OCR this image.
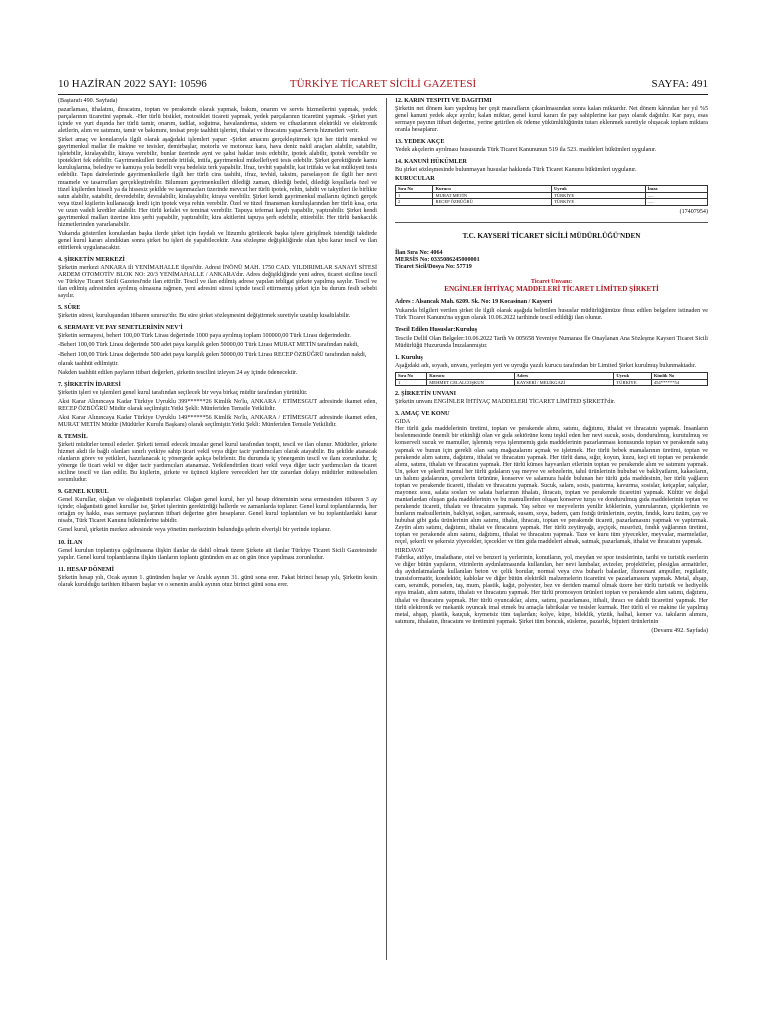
10 HAZİRAN 2022 SAYI: 10596	TÜRKİYE TİCARET SİCİLİ GAZETESİ	SAYFA: 491

(Baştarafı 490. Sayfada)

pazarlaması, ithalatını, ihracatını, toptan ve perakende olarak yapmak, bakım, onarım ve servis hizmetlerini yapmak, yedek parçalarının ticaretini yapmak. -Her türlü bisiklet, motosiklet ticareti yapmak, yedek parçalarının ticaretini yapmak. -Şirket yurt içinde ve yurt dışında her türlü tamir, onarım, tadilat, soğutma, havalandırma, sistem ve cihazlarının elektrikli ve elektronik aletlerin, alım ve satımını, tamir ve bakımını, tesisat proje taahhüt işlerini, ithalat ve ihracatını yapar.Servis hizmetleri verir.

Şirket amaç ve konularıyla ilgili olarak aşağıdaki işlemleri yapar: -Şirket amacını gerçekleştirmek için her türlü menkul ve gayrimenkul mallar ile makine ve tesisler, demirbaşlar, motorlu ve motorsuz kara, hava deniz nakil araçları alabilir, satabilir, işletebilir, kiralayabilir, kiraya verebilir, bunlar üzerinde ayni ve şahsi haklar tesis edebilir, ipotek alabilir, ipotek verebilir ve ipotekleri fek edebilir. Gayrimenkulleri üzerinde irtifak, intifa, gayrimenkul mükellefiyeti tesis edebilir. Şirket gerektiğinde kamu kuruluşlarına, belediye ve kamuya yola bedelli veya bedelsiz terk yapabilir. İfraz, tevhit yapabilir, kat irtifakı ve kat mülkiyeti tesis edebilir. Tapu dairelerinde gayrimenkullerle ilgili her türlü cins tashihi, ifraz, tevhid, taksim, parselasyon ile ilgili her nevi muamele ve tasarrufları gerçekleştirebilir. Bilumum gayrimenkulleri dilediği zaman, dilediği bedel, dilediği koşullarla özel ve tüzel kişilerden hisseli ya da hissesiz şekilde ve taşınmazları üzerinde mevcut her türlü ipotek, rehin, tahdit ve takyitleri ile birlikte satın alabilir, satabilir, devredebilir, devralabilir, kiralayabilir, kiraya verebilir. Şirket kendi gayrimenkul mallarını üçüncü gerçek veya tüzel kişilerin kullanacağı kredi için ipotek veya rehin verebilir. Özel ve tüzel finansman kuruluşlarından her türlü kısa, orta ve uzun vadeli krediler alabilir. Her türlü kefalet ve teminat verebilir. Tapuya tefernat kaydı yapabilir, yaptırabilir. Şirket kendi gayrimenkul malları üzerine kira şerhi yapabilir, yaptırabilir, kira akitlerini tapuya şerh edebilir, ettirebilir. Her türlü bankacılık hizmetlerinden yararlanabilir.

Yukarıda gösterilen konulardan başka ilerde şirket için faydalı ve lüzumlu görülecek başka işlere girişilmek istendiği takdirde genel kurul kararı alındıktan sonra şirket bu işleri de yapabilecektir. Ana sözleşme değişikliğinde olan işbu karar tescil ve ilan ettirilerek uygulanacaktır.

4. ŞİRKETİN MERKEZİ

Şirketin merkezi ANKARA ili YENİMAHALLE ilçesi'dir. Adresi İNÖNÜ MAH. 1750 CAD. YILDIRIMLAR SANAYİ SİTESİ ARDEM OTOMOTİV BLOK NO: 20/3 YENİMAHALLE / ANKARA'dır. Adres değişikliğinde yeni adres, ticaret siciline tescil ve Türkiye Ticaret Sicili Gazetesi'nde ilan ettirilir. Tescil ve ilan edilmiş adrese yapılan tebligat şirkete yapılmış sayılır. Tescil ve ilan edilmiş adresinden ayrılmış olmasına rağmen, yeni adresini süresi içinde tescil ettirmemiş şirket için bu durum fesih sebebi sayılır.

5. SÜRE

Şirketin süresi, kuruluşundan itibaren sınırsız'dır. Bu süre şirket sözleşmesini değiştirmek suretiyle uzatılıp kısaltılabilir.

6. SERMAYE VE PAY SENETLERİNİN NEV'İ

Şirketin sermayesi, beheri 100,00 Türk Lirası değerinde 1000 paya ayrılmış toplam 100000,00 Türk Lirası değerindedir.

-Beheri 100,00 Türk Lirası değerinde 500 adet paya karşılık gelen 50000,00 Türk Lirası MURAT METİN tarafından nakdi,

-Beheri 100,00 Türk Lirası değerinde 500 adet paya karşılık gelen 50000,00 Türk Lirası RECEP ÖZBÜĞRÜ tarafından nakdi,

olarak taahhüt edilmiştir.

Nakden taahhüt edilen payların itibari değerleri, şirketin tescilini izleyen 24 ay içinde ödenecektir.

7. ŞİRKETİN İDARESİ

Şirketin işleri ve işlemleri genel kurul tarafından seçilecek bir veya birkaç müdür tarafından yürütülür.

Aksi Karar Alınıncaya Kadar Türkiye Uyruklu 399******26 Kimlik No'lu, ANKARA / ETİMESGUT adresinde ikamet eden, RECEP ÖZBÜĞRÜ Müdür olarak seçilmiştir.Yetki Şekli: Münferiden Temsile Yetkilidir.

Aksi Karar Alınıncaya Kadar Türkiye Uyruklu 149******56 Kimlik No'lu, ANKARA / ETİMESGUT adresinde ikamet eden, MURAT METİN Müdür (Müdürler Kurulu Başkanı) olarak seçilmiştir.Yetki Şekli: Münferiden Temsile Yetkilidir.

8. TEMSİL

Şirketi müdürler temsil ederler. Şirketi temsil edecek imzalar genel kurul tarafından tespit, tescil ve ilan olunur. Müdürler, şirkete hizmet akdi ile bağlı olanları sınırlı yetkiye sahip ticari vekil veya diğer tacir yardımcıları olarak atayabilir. Bu şekilde atanacak olanların görev ve yetkileri, hazırlanacak iç yönergede açıkça belirlenir. Bu durumda iç yönergenin tescil ve ilanı zorunludur. İç yönerge ile ticari vekil ve diğer tacir yardımcıları atanamaz. Yetkilendirilen ticari vekil veya diğer tacir yardımcıları da ticaret siciline tescil ve ilan edilir. Bu kişilerin, şirkete ve üçüncü kişilere verecekleri her tür zarardan dolayı müdürler müteselsilen sorumludur.

9. GENEL KURUL

Genel Kurullar, olağan ve olağanüstü toplanırlar. Olağan genel kurul, her yıl hesap döneminin sona ermesinden itibaren 3 ay içinde; olağanüstü genel kurullar ise, Şirket işlerinin gerektirdiği hallerde ve zamanlarda toplanır. Genel kurul toplantılarında, her ortağın oy hakkı, esas sermaye paylarının itibari değerine göre hesaplanır. Genel kurul toplantıları ve bu toplantılardaki karar nisabı, Türk Ticaret Kanunu hükümlerine tabidir.

Genel kurul, şirketin merkez adresinde veya yönetim merkezinin bulunduğu şehrin elverişli bir yerinde toplanır.

10. İLAN

Genel kurulun toplantıya çağrılmasına ilişkin ilanlar da dahil olmak üzere Şirkete ait ilanlar Türkiye Ticaret Sicili Gazetesinde yapılır. Genel kurul toplantılarına ilişkin ilanların toplantı gününden en az on gün önce yapılması zorunludur.

11. HESAP DÖNEMİ

Şirketin hesap yılı, Ocak ayının 1. gününden başlar ve Aralık ayının 31. günü sona erer. Fakat birinci hesap yılı, Şirketin kesin olarak kurulduğu tarihten itibaren başlar ve o senenin aralık ayının otuz birinci günü sona erer.

12. KARIN TESPİTİ VE DAĞITIMI

Şirketin net dönem karı yapılmış her çeşit masrafların çıkarılmasından sonra kalan miktardır. Net dönem kârından her yıl %5 genel kanuni yedek akçe ayrılır, kalan miktar, genel kurul kararı ile pay sahiplerine kar payı olarak dağıtılır. Kar payı, esas sermaye payının itibari değerine, yerine getirilen ek ödeme yükümlülüğünün tutarı eklenmek suretiyle oluşacak toplam miktara oranla hesaplanır.

13. YEDEK AKÇE

Yedek akçelerin ayrılması hususunda Türk Ticaret Kanununun 519 ila 523. maddeleri hükümleri uygulanır.

14. KANUNİ HÜKÜMLER

Bu şirket sözleşmesinde bulunmayan hususlar hakkında Türk Ticaret Kanunu hükümleri uygulanır.

KURUCULAR

Sıra No	Kurucu	Uyruk	İmza
1	MURAT METİN	TÜRKİYE	......
2	RECEP ÖZBÜĞRÜ	TÜRKİYE	......

(17407954)

T.C. KAYSERİ TİCARET SİCİLİ MÜDÜRLÜĞÜ'NDEN

İlan Sıra No: 4064

MERSİS No: 0335086245000001

Ticaret Sicil/Dosya No: 57719

Ticaret Unvanı:
ENGİNLER İHTİYAÇ MADDELERİ TİCARET LİMİTED ŞİRKETİ

Adres : Alsancak Mah. 6209. Sk. No: 19 Kocasinan / Kayseri

Yukarıda bilgileri verilen şirket ile ilgili olarak aşağıda belirtilen hususlar müdürlüğümüze ibraz edilen belgelere istinaden ve Türk Ticaret Kanunu'na uygun olarak 10.06.2022 tarihinde tescil edildiği ilan olunur.

Tescil Edilen Hususlar:Kuruluş

Tescile Dellil Olan Belgeler:10.06.2022 Tarih Ve 005658 Yevmiye Numarası İle Onaylanan Ana Sözleşme Kayseri Ticaret Sicili Müdürlüğü Huzurunda İmzalanmıştır.

1. Kuruluş

Aşağıdaki adı, soyadı, unvanı, yerleşim yeri ve uyruğu yazılı kurucu tarafından bir Limited Şirket kurulmuş bulunmaktadır.

Sıra No	Kurucu	Adres	Uyruk	Kimlik No
1	MEHMET CELALCOŞKUN	KAYSERİ / MELİKGAZİ	TÜRKİYE	454******54

2. ŞİRKETİN UNVANI

Şirketin unvanı ENGİNLER İHTİYAÇ MADDELERİ TİCARET LİMİTED ŞİRKETİ'dir.

3. AMAÇ VE KONU

GIDA

Her türlü gıda maddelerinin üretimi, toptan ve perakende alımı, satımı, dağıtımı, ithalat ve ihracatını yapmak. İnsanların beslenmesinde önemli bir etkinliği olan ve gıda sektörüne konu teşkil eden her nevi sucuk, sosis, dondurulmuş, kurutulmuş ve konserveli sucuk ve mamuller, işlenmiş veya işlenmemiş gıda maddelerinin pazarlanması konusunda toptan ve perakende satış yapmak ve bunun için gerekli olan satış mağazalarını açmak ve işletmek. Her türlü bebek mamalarının üretimi, toptan ve perakende alım satımı, dağıtımı, ithalat ve ihracatını yapmak. Her türlü dana, sığır, koyun, kuzu, keçi eti toptan ve perakende alımı, satımı, ithalatı ve ihracatını yapmak. Her türlü kümes hayvanları etlerinin toptan ve perakende alım ve satımını yapmak. Un, şeker ve şekerli mamul her türlü gıdaların yaş meyve ve sebzelerin, tahıl ürünlerinin hububat ve bakliyatların, kakaoların, un halımı gıdalarının, çerezlerin ürününe, konserve ve salamura halde bulunan her türlü gıda maddesinin, her türlü yağların toptan ve perakende ticareti, ithalatı ve ihracatını yapmak. Sucuk, salam, sosis, pastırma, kavurma, sosislar, ketçaplar, salçalar, mayonez sosu, salata sosları ve salata barlarının ithalatı, ihracatı, toptan ve perakende ticaretini yapmak. Kültür ve doğal mantarlardan oluşan gıda maddelerinin ve bu mamullerden oluşan konserve turşu ve dondurulmuş gıda maddelerinin toptan ve perakende ticareti, ithalatı ve ihracatını yapmak. Yaş sebze ve meyvelerin yenilir köklerinin, yumrularının, çiçeklerinin ve bunların mahsullerinin, bakliyat, soğan, sarımsak, susam, soya, badem, çam fıstığı ürünlerinin, zeytin, fındık, kuru üzüm, çay ve hububat gibi gıda ürünlerinin alım satımı, ithalat, ihracatı, toptan ve perakende ticareti, pazarlamasını yapmak ve yaptırmak. Zeytin alım satımı, dağıtımı, ithalat ve ihracatını yapmak. Her türlü zeytinyağı, ayçiçek, mısırözü, fındık yağlarının üretimi, toptan ve perakende alım satımı, dağıtımı, ithalat ve ihracatını yapmak. Taze ve kuru tüm yiyecekler, meyvalar, marmelatlar, reçel, şekerli ve şekersiz yiyecekler, içecekler ve tüm gıda maddeleri almak, satmak, pazarlamak, ithalat ve ihracatını yapmak.

HIRDAVAT

Fabrika, atölye, imalathane, otel ve benzeri iş yerlerinin, konutların, yol, meydan ve spor tesislerinin, tarihi ve turistik eserlerin ve diğer bütün yapıların, vitrinlerin aydınlatmasında kullanılan, her nevi lambalar, avizeler, projektörler, plesiglas armatürler, dış aydınlatmalarda kullanılan beton ve çelik borular, normal veya civa buharlı balastlar, fluoresant ampuller, regülatör, transisformatör, kondektör, kablolar ve diğer bütün elektrikli malzemelerin ticaretini ve pazarlamasını yapmak. Metal, ahşap, cam, seramik, porselen, taş, mum, plastik, kağıt, polyester, bez ve deriden mamul olmak üzere her türlü turistik ve hediyelik eşya imalatı, alım satımı, ithalatı ve ihracatını yapmak. Her türlü promosyon ürünleri toptan ve perakende alım satımı, dağıtımı, ithalat ve ihracatını yapmak. Her türlü oyuncaklar, alımı, satımı, pazarlaması, itihali, ihracı ve dahili ticaretini yapmak. Her türlü elektronik ve mekanik oyuncak imal etmek bu amaçla fabrikalar ve tesisler kurmak. Her türlü el ve makine ile yapılmış metal, ahşap, plastik, kauçuk, kıymetsiz tüm taşlardan; kolye, küpe, bileklik, yüzük, halhal, kemer v.s. takıların alımını, satımını, ithalatın, ihracatını ve üretimini yapmak. Şirket tüm boncuk, süsleme, pazarlık, bijuteri ürünlerinin

(Devamı 492. Sayfada)
